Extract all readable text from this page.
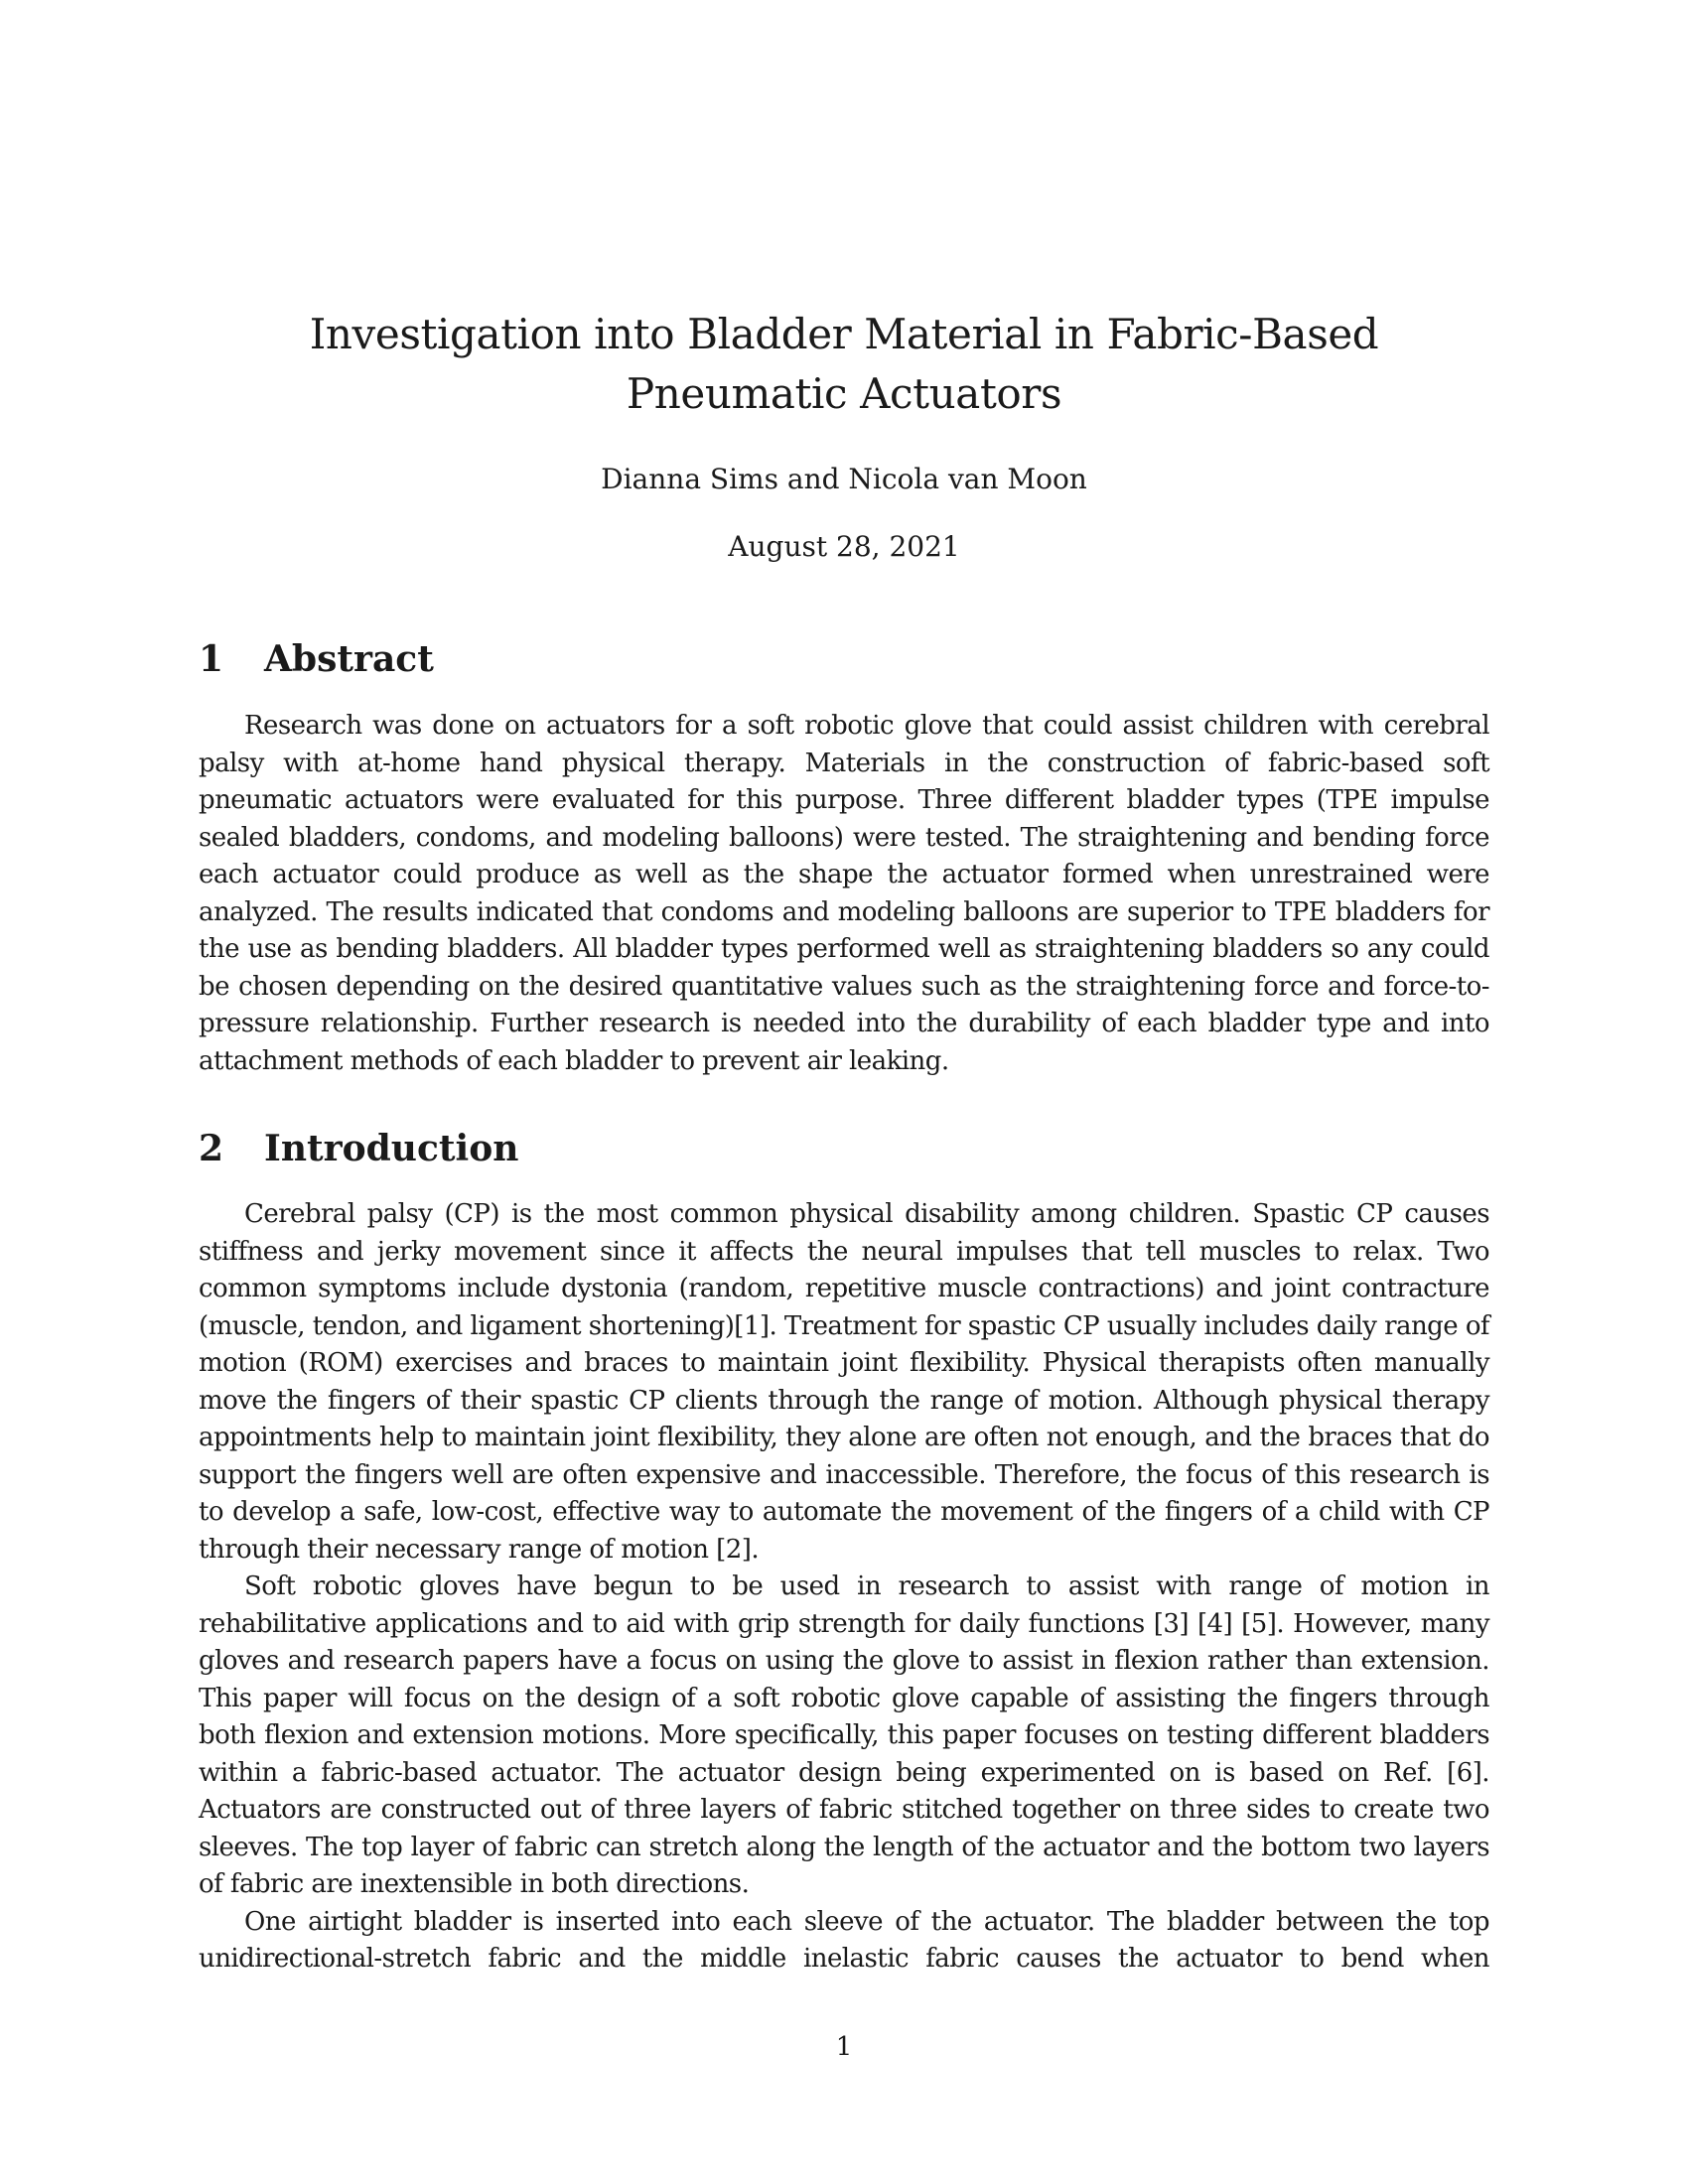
Investigation into Bladder Material in Fabric-Based Pneumatic Actuators
Dianna Sims and Nicola van Moon
August 28, 2021
1 Abstract

Research was done on actuators for a soft robotic glove that could assist children with cerebral palsy with at-home hand physical therapy. Materials in the construction of fabric-based soft pneumatic actuators were evaluated for this purpose. Three different bladder types (TPE impulse sealed bladders, condoms, and modeling balloons) were tested. The straightening and bending force each actuator could produce as well as the shape the actuator formed when unrestrained were analyzed. The results indicated that condoms and modeling balloons are superior to TPE bladders for the use as bending bladders. All bladder types performed well as straightening bladders so any could be chosen depending on the desired quantitative values such as the straightening force and force-to-pressure relationship. Further research is needed into the durability of each bladder type and into attachment methods of each bladder to prevent air leaking.

2 Introduction

Cerebral palsy (CP) is the most common physical disability among children. Spastic CP causes stiffness and jerky movement since it affects the neural impulses that tell muscles to relax. Two common symptoms include dystonia (random, repetitive muscle contractions) and joint contracture (muscle, tendon, and ligament shortening)[1]. Treatment for spastic CP usually includes daily range of motion (ROM) exercises and braces to maintain joint flexibility. Physical therapists often manually move the fingers of their spastic CP clients through the range of motion. Although physical therapy appointments help to maintain joint flexibility, they alone are often not enough, and the braces that do support the fingers well are often expensive and inaccessible. Therefore, the focus of this research is to develop a safe, low-cost, effective way to automate the movement of the fingers of a child with CP through their necessary range of motion [2].

Soft robotic gloves have begun to be used in research to assist with range of motion in rehabilitative applications and to aid with grip strength for daily functions [3] [4] [5]. However, many gloves and research papers have a focus on using the glove to assist in flexion rather than extension. This paper will focus on the design of a soft robotic glove capable of assisting the fingers through both flexion and extension motions. More specifically, this paper focuses on testing different bladders within a fabric-based actuator. The actuator design being experimented on is based on Ref. [6]. Actuators are constructed out of three layers of fabric stitched together on three sides to create two sleeves. The top layer of fabric can stretch along the length of the actuator and the bottom two layers of fabric are inextensible in both directions.

One airtight bladder is inserted into each sleeve of the actuator. The bladder between the top unidirectional-stretch fabric and the middle inelastic fabric causes the actuator to bend when

1
